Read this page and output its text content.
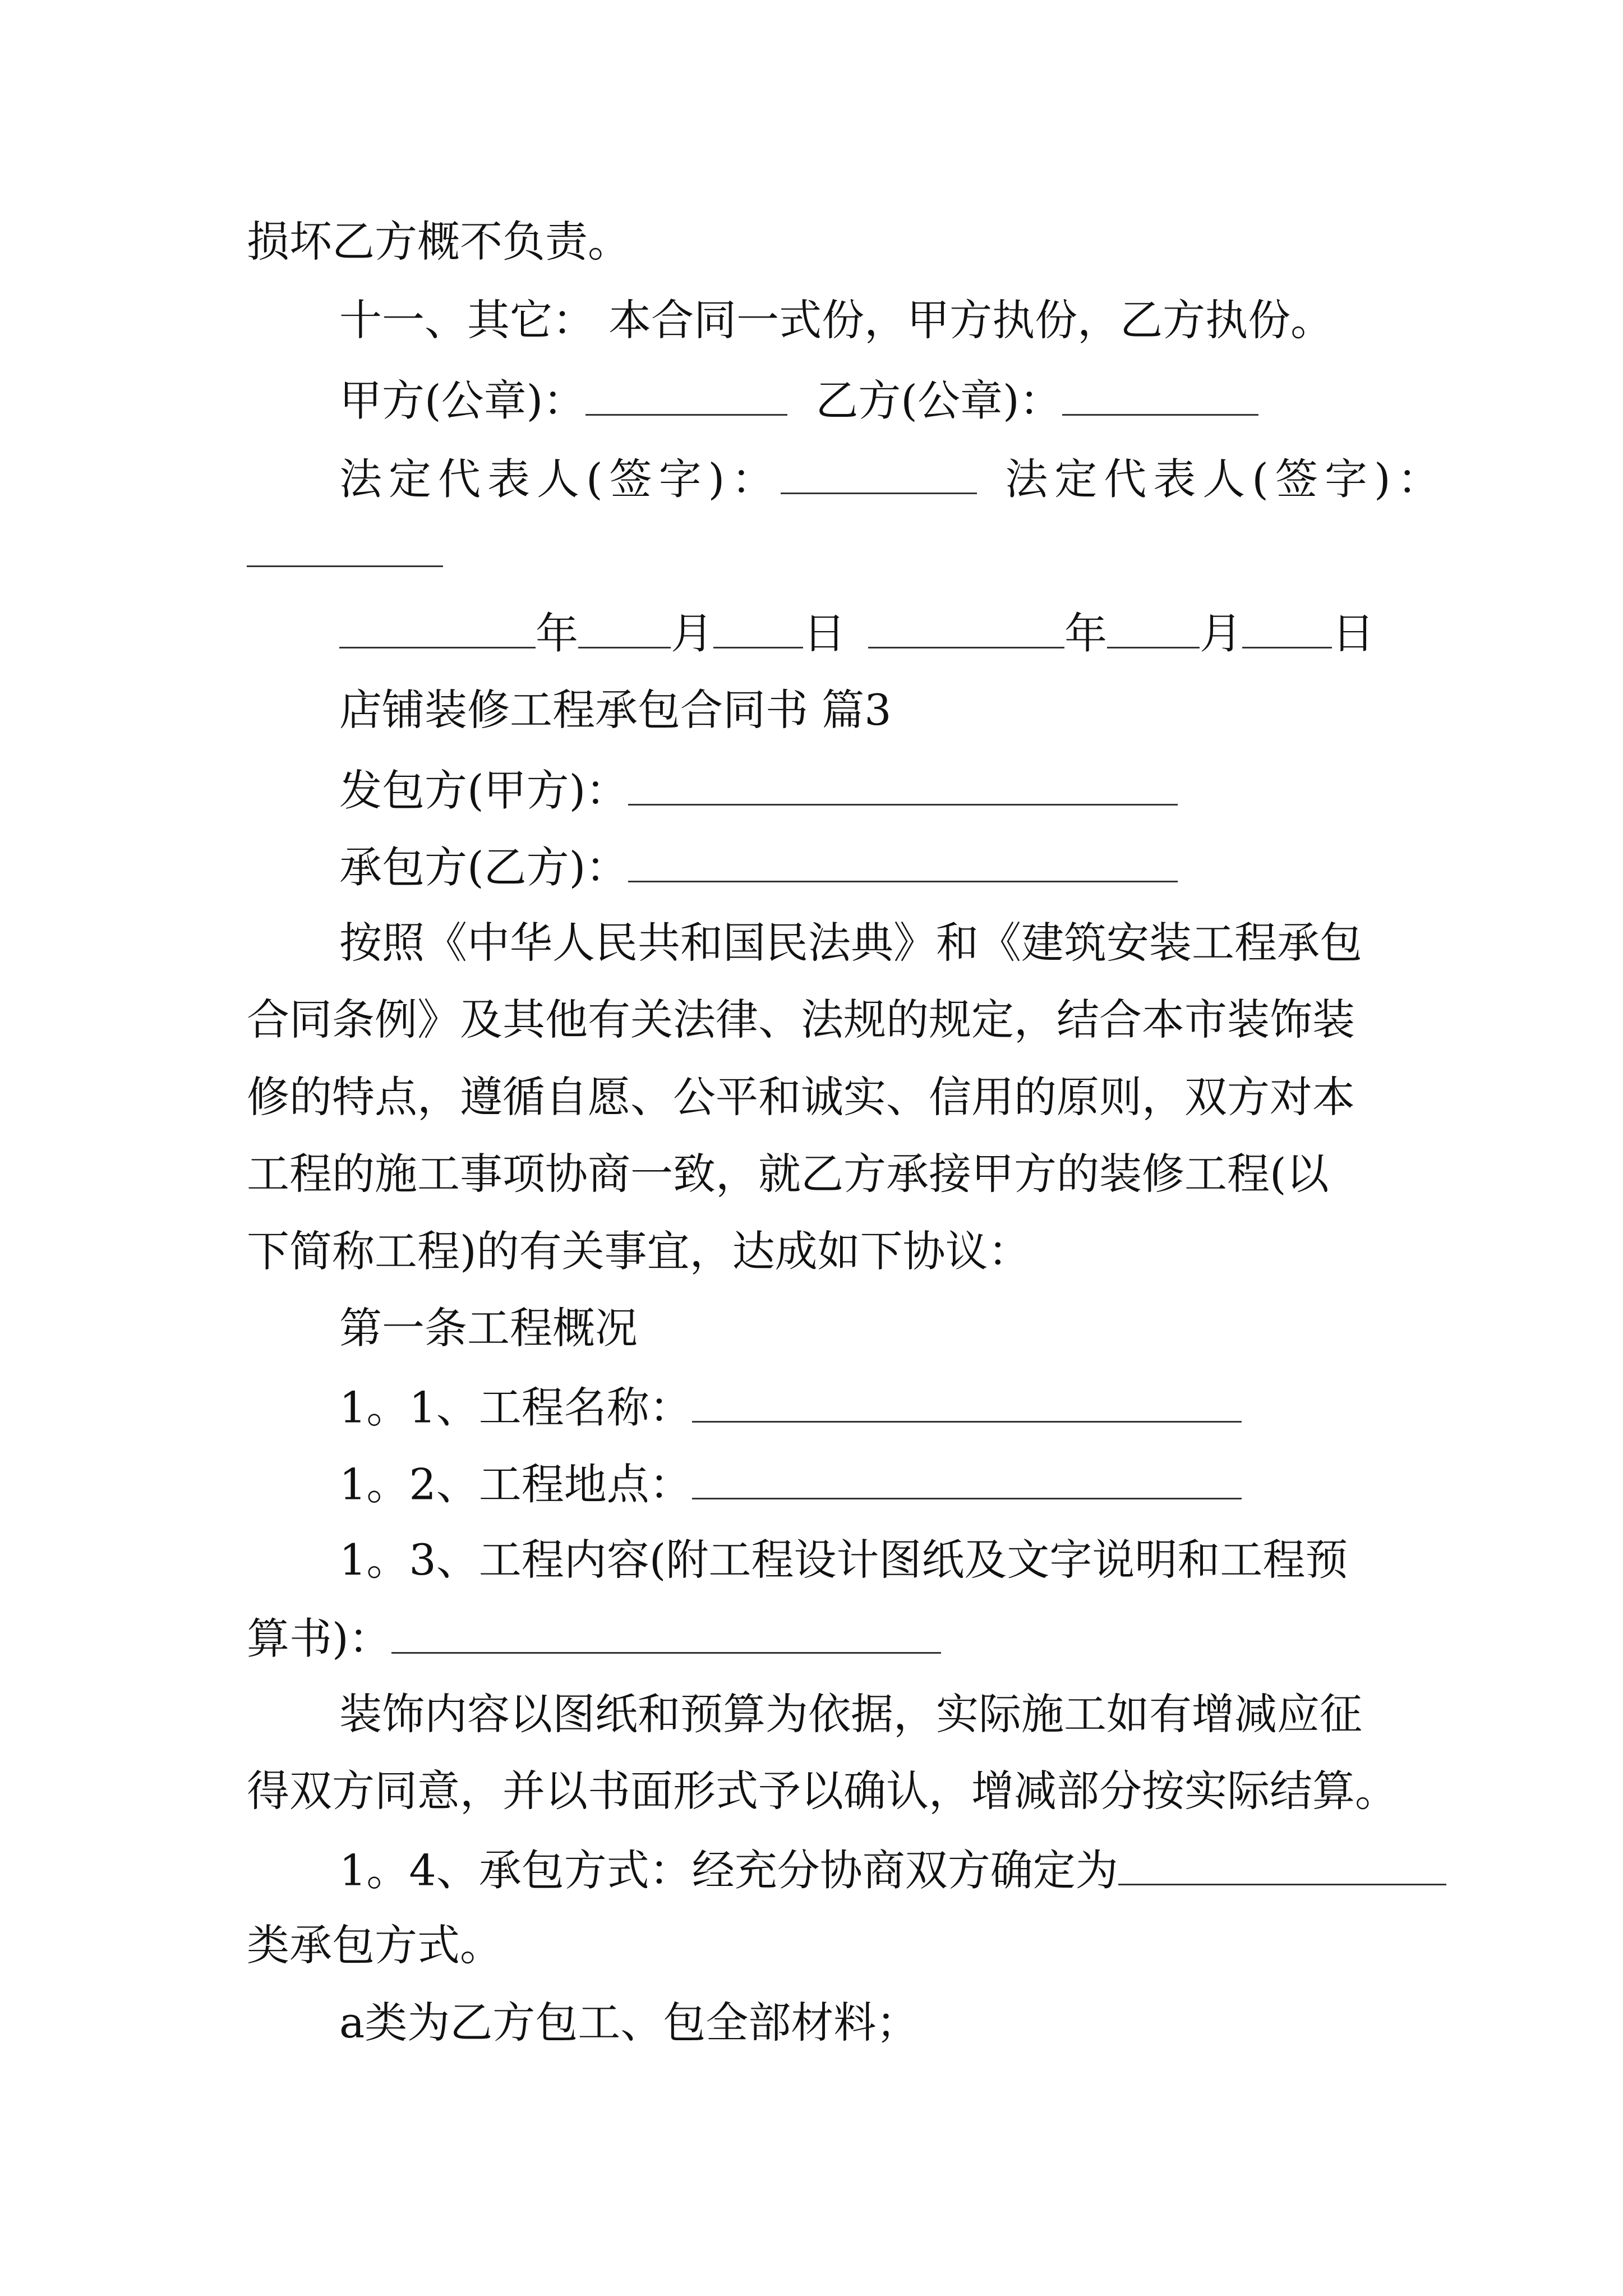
损坏乙方概不负责。
十一、其它： 本合同一式份，甲方执份，乙方执份。
甲方(公章)：	乙方(公章)：
法定代表人(签字)：	法定代表人(签字)：
年 月 日	年 月 日
店铺装修工程承包合同书 篇3
发包方(甲方)：
承包方(乙方)：
按照《中华人民共和国民法典》和《建筑安装工程承包
合同条例》及其他有关法律、法规的规定，结合本市装饰装
修的特点，遵循自愿、公平和诚实、信用的原则，双方对本
工程的施工事项协商一致，就乙方承接甲方的装修工程(以
下简称工程)的有关事宜，达成如下协议：
第一条工程概况
1。1、工程名称：
1。2、工程地点：
1。3、工程内容(附工程设计图纸及文字说明和工程预
算书)：
装饰内容以图纸和预算为依据，实际施工如有增减应征
得双方同意，并以书面形式予以确认，增减部分按实际结算。
1。4、承包方式：经充分协商双方确定为
类承包方式。
a类为乙方包工、包全部材料；
